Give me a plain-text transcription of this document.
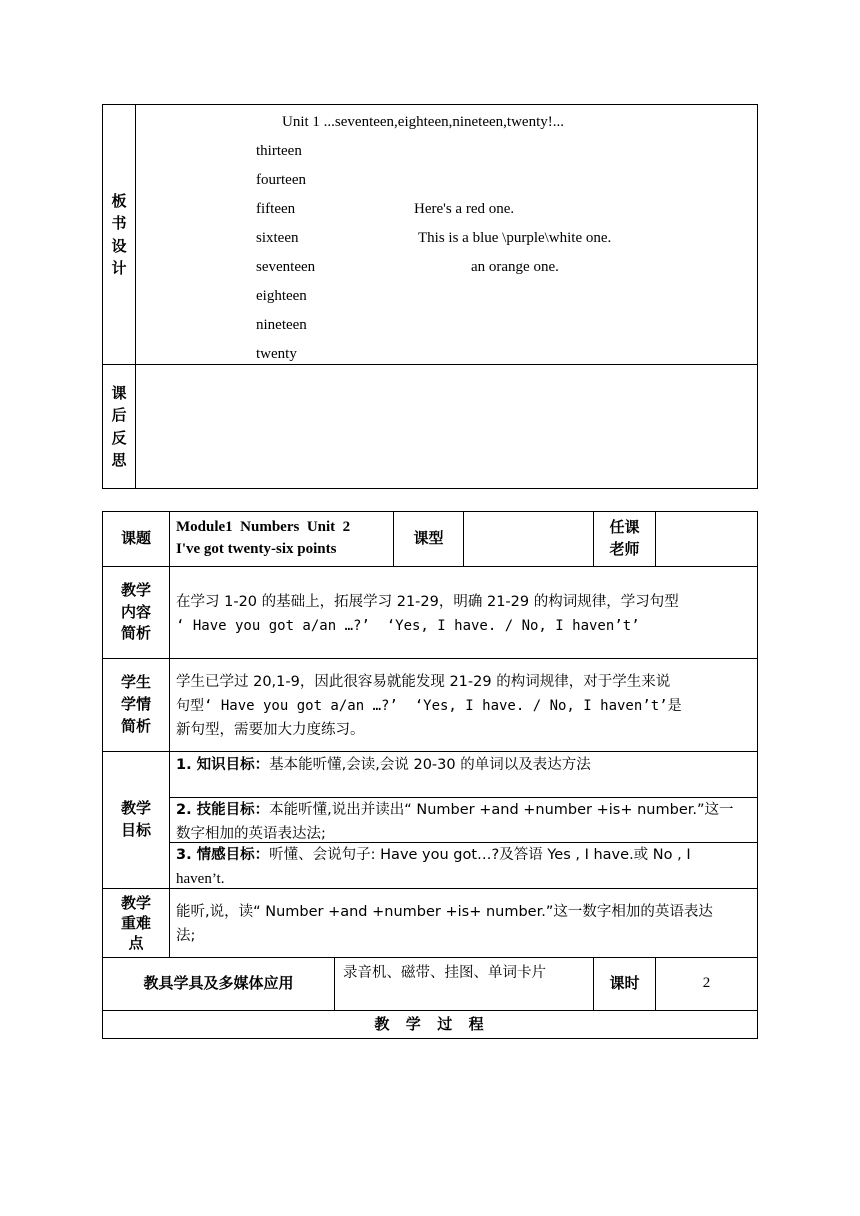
板书设计
Unit 1 ...seventeen,eighteen,nineteen,twenty!...
thirteen
fourteen
fifteen
sixteen
seventeen
eighteen
nineteen
twenty
Here's a red one.
This is a blue \purple\white one.
an orange one.
课后反思
课题
Module1  Numbers  Unit  2
I've got twenty-six points
课型
任课老师
教学内容简析
在学习 1-20 的基础上，拓展学习 21-29，明确 21-29 的构词规律，学习句型
‘ Have you got a/an …?’  ‘Yes, I have. / No, I haven’t’
学生学情简析
学生已学过 20,1-9，因此很容易就能发现 21-29 的构词规律，对于学生来说
句型‘ Have you got a/an …?’  ‘Yes, I have. / No, I haven’t’是
新句型，需要加大力度练习。
教学目标
1. 知识目标：基本能听懂,会读,会说 20-30 的单词以及表达方法
2. 技能目标：本能听懂,说出并读出“ Number +and +number +is+ number.”这一
数字相加的英语表达法;
3. 情感目标：听懂、会说句子: Have you got…?及答语 Yes , I have.或 No , I
haven’t.
教学重难点
能听,说，读“ Number +and +number +is+ number.”这一数字相加的英语表达
法;
教具学具及多媒体应用
录音机、磁带、挂图、单词卡片
课时	2
教  学  过  程
